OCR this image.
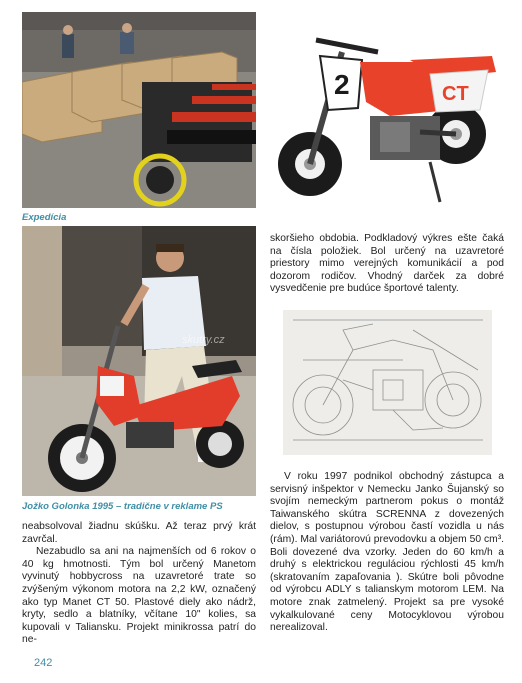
Expedícia
2	CT
skutry.cz
Jožko Golonka 1995 – tradične v reklame PS

skoršieho obdobia. Podkladový výkres ešte čaká na čísla položiek. Bol určený na uzavretoré priestory mimo verejných komunikácií a pod dozorom rodičov. Vhodný darček za dobré vysvedčenie pre budúce športové talenty.

neabsolvoval žiadnu skúšku. Až teraz prvý krát zavrčal.

Nezabudlo sa ani na najmenších od 6 rokov o 40 kg hmotnosti. Tým bol určený Manetom vyvinutý hobbycross na uzavretoré trate so zvýšeným výkonom motora na 2,2 kW, označený ako typ Manet CT 50. Plastové diely ako nádrž, kryty, sedlo a blatníky, včítane 10" kolies, sa kupovali v Taliansku. Projekt minikrossa patrí do ne-

V roku 1997 podnikol obchodný zástupca a servisný inšpektor v Nemecku Janko Šujanský so svojím nemeckým partnerom pokus o montáž Taiwanského skútra SCRENNA z dovezených dielov, s postupnou výrobou častí vozidla u nás (rám). Mal variátorovú prevodovku a objem 50 cm³. Boli dovezené dva vzorky. Jeden do 60 km/h a druhý s elektrickou reguláciou rýchlosti 45 km/h (skratovaním zapaľovania ). Skútre boli pôvodne od výrobcu ADLY s talianskym motorom LEM. Na motore znak zatmelený. Projekt sa pre vysoké vykalkulované ceny Motocyklovou výrobou nerealizoval.

242
